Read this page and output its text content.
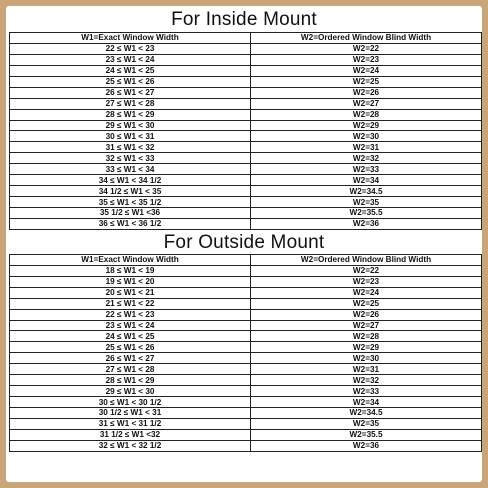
For Inside Mount
W1=Exact Window Width	W2=Ordered Window Blind Width
22 ≤ W1 < 23	W2=22
23 ≤ W1 < 24	W2=23
24 ≤ W1 < 25	W2=24
25 ≤ W1 < 26	W2=25
26 ≤ W1 < 27	W2=26
27 ≤ W1 < 28	W2=27
28 ≤ W1 < 29	W2=28
29 ≤ W1 < 30	W2=29
30 ≤ W1 < 31	W2=30
31 ≤ W1 < 32	W2=31
32 ≤ W1 < 33	W2=32
33 ≤ W1 < 34	W2=33
34 ≤ W1 < 34 1/2	W2=34
34 1/2 ≤ W1 < 35	W2=34.5
35 ≤ W1 < 35 1/2	W2=35
35 1/2 ≤ W1 <36	W2=35.5
36 ≤ W1 < 36 1/2	W2=36
For Outside Mount
W1=Exact Window Width	W2=Ordered Window Blind Width
18 ≤ W1 < 19	W2=22
19 ≤ W1 < 20	W2=23
20 ≤ W1 < 21	W2=24
21 ≤ W1 < 22	W2=25
22 ≤ W1 < 23	W2=26
23 ≤ W1 < 24	W2=27
24 ≤ W1 < 25	W2=28
25 ≤ W1 < 26	W2=29
26 ≤ W1 < 27	W2=30
27 ≤ W1 < 28	W2=31
28 ≤ W1 < 29	W2=32
29 ≤ W1 < 30	W2=33
30 ≤ W1 < 30 1/2	W2=34
30 1/2 ≤ W1 < 31	W2=34.5
31 ≤ W1 < 31 1/2	W2=35
31 1/2 ≤ W1 <32	W2=35.5
32 ≤ W1 < 32 1/2	W2=36
